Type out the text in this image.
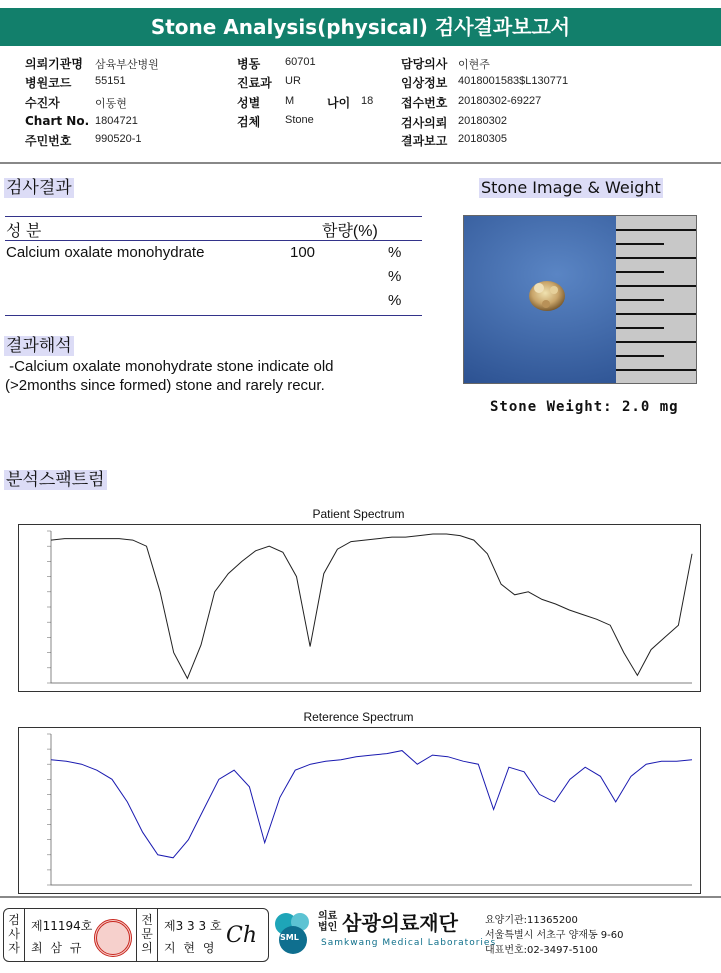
Stone Analysis(physical) 검사결과보고서
의뢰기관명 삼육부산병원	병동 60701	담당의사 이현주
병원코드 55151	진료과 UR	임상정보 4018001583$L130771
수진자	이동현	성별 M	나이 18 접수번호 20180302-69227
Chart No. 1804721	검체 Stone	검사의뢰 20180302
주민번호 990520-1	결과보고 20180305
검사결과
성 분	함량(%)
Calcium oxalate monohydrate	100	%
%
%
결과해석
-Calcium oxalate monohydrate stone indicate old
(>2months since formed) stone and rarely recur.
Stone Image & Weight
Stone Weight: 2.0 mg
분석스팩트럼
Patient Spectrum
Reterence Spectrum
검사자
제11194호
최 삼 규
전문의
제3 3 3 호
지 현 영 Ch	SML
의료법인 삼광의료재단
Samkwang Medical Laboratories
요양기관:11365200
서울특별시 서초구 양재동 9-60
대표번호:02-3497-5100
